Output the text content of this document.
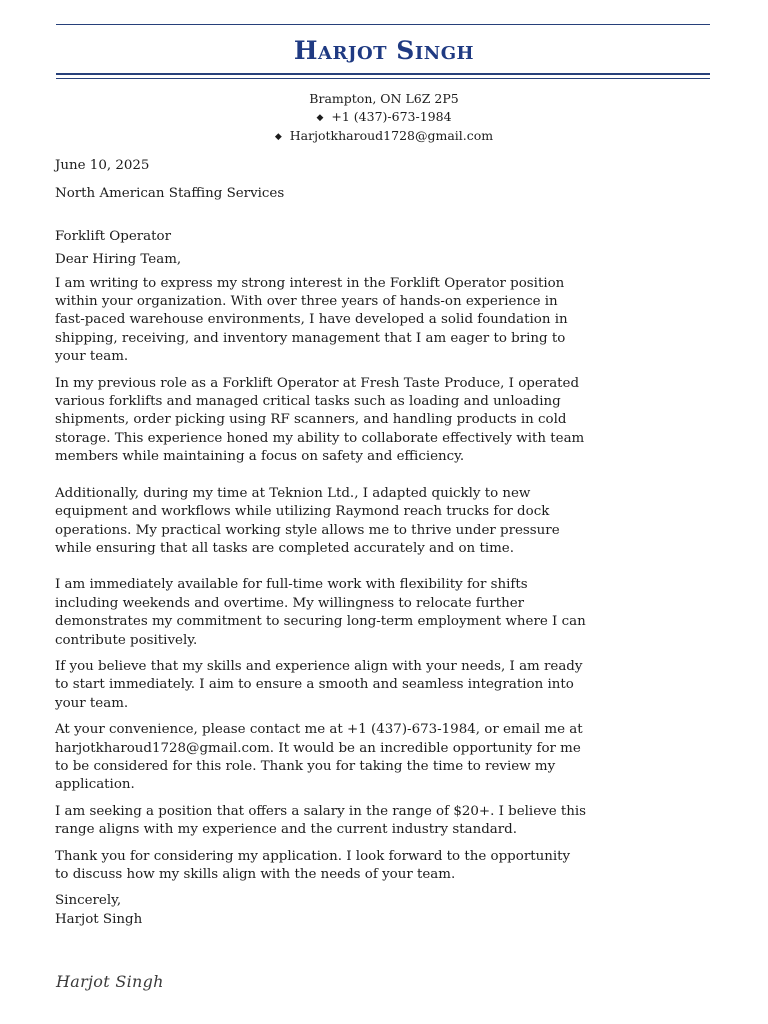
Harjot Singh
Brampton, ON L6Z 2P5
◆ +1 (437)-673-1984
◆ Harjotkharoud1728@gmail.com
June 10, 2025
North American Staffing Services
Forklift Operator
Dear Hiring Team,
I am writing to express my strong interest in the Forklift Operator position
within your organization. With over three years of hands-on experience in
fast-paced warehouse environments, I have developed a solid foundation in
shipping, receiving, and inventory management that I am eager to bring to
your team.
In my previous role as a Forklift Operator at Fresh Taste Produce, I operated
various forklifts and managed critical tasks such as loading and unloading
shipments, order picking using RF scanners, and handling products in cold
storage. This experience honed my ability to collaborate effectively with team
members while maintaining a focus on safety and efficiency.
Additionally, during my time at Teknion Ltd., I adapted quickly to new
equipment and workflows while utilizing Raymond reach trucks for dock
operations. My practical working style allows me to thrive under pressure
while ensuring that all tasks are completed accurately and on time.
I am immediately available for full-time work with flexibility for shifts
including weekends and overtime. My willingness to relocate further
demonstrates my commitment to securing long-term employment where I can
contribute positively.
If you believe that my skills and experience align with your needs, I am ready
to start immediately. I aim to ensure a smooth and seamless integration into
your team.
At your convenience, please contact me at +1 (437)-673-1984, or email me at
harjotkharoud1728@gmail.com. It would be an incredible opportunity for me
to be considered for this role. Thank you for taking the time to review my
application.
I am seeking a position that offers a salary in the range of $20+. I believe this
range aligns with my experience and the current industry standard.
Thank you for considering my application. I look forward to the opportunity
to discuss how my skills align with the needs of your team.
Sincerely,
Harjot Singh
Harjot Singh
